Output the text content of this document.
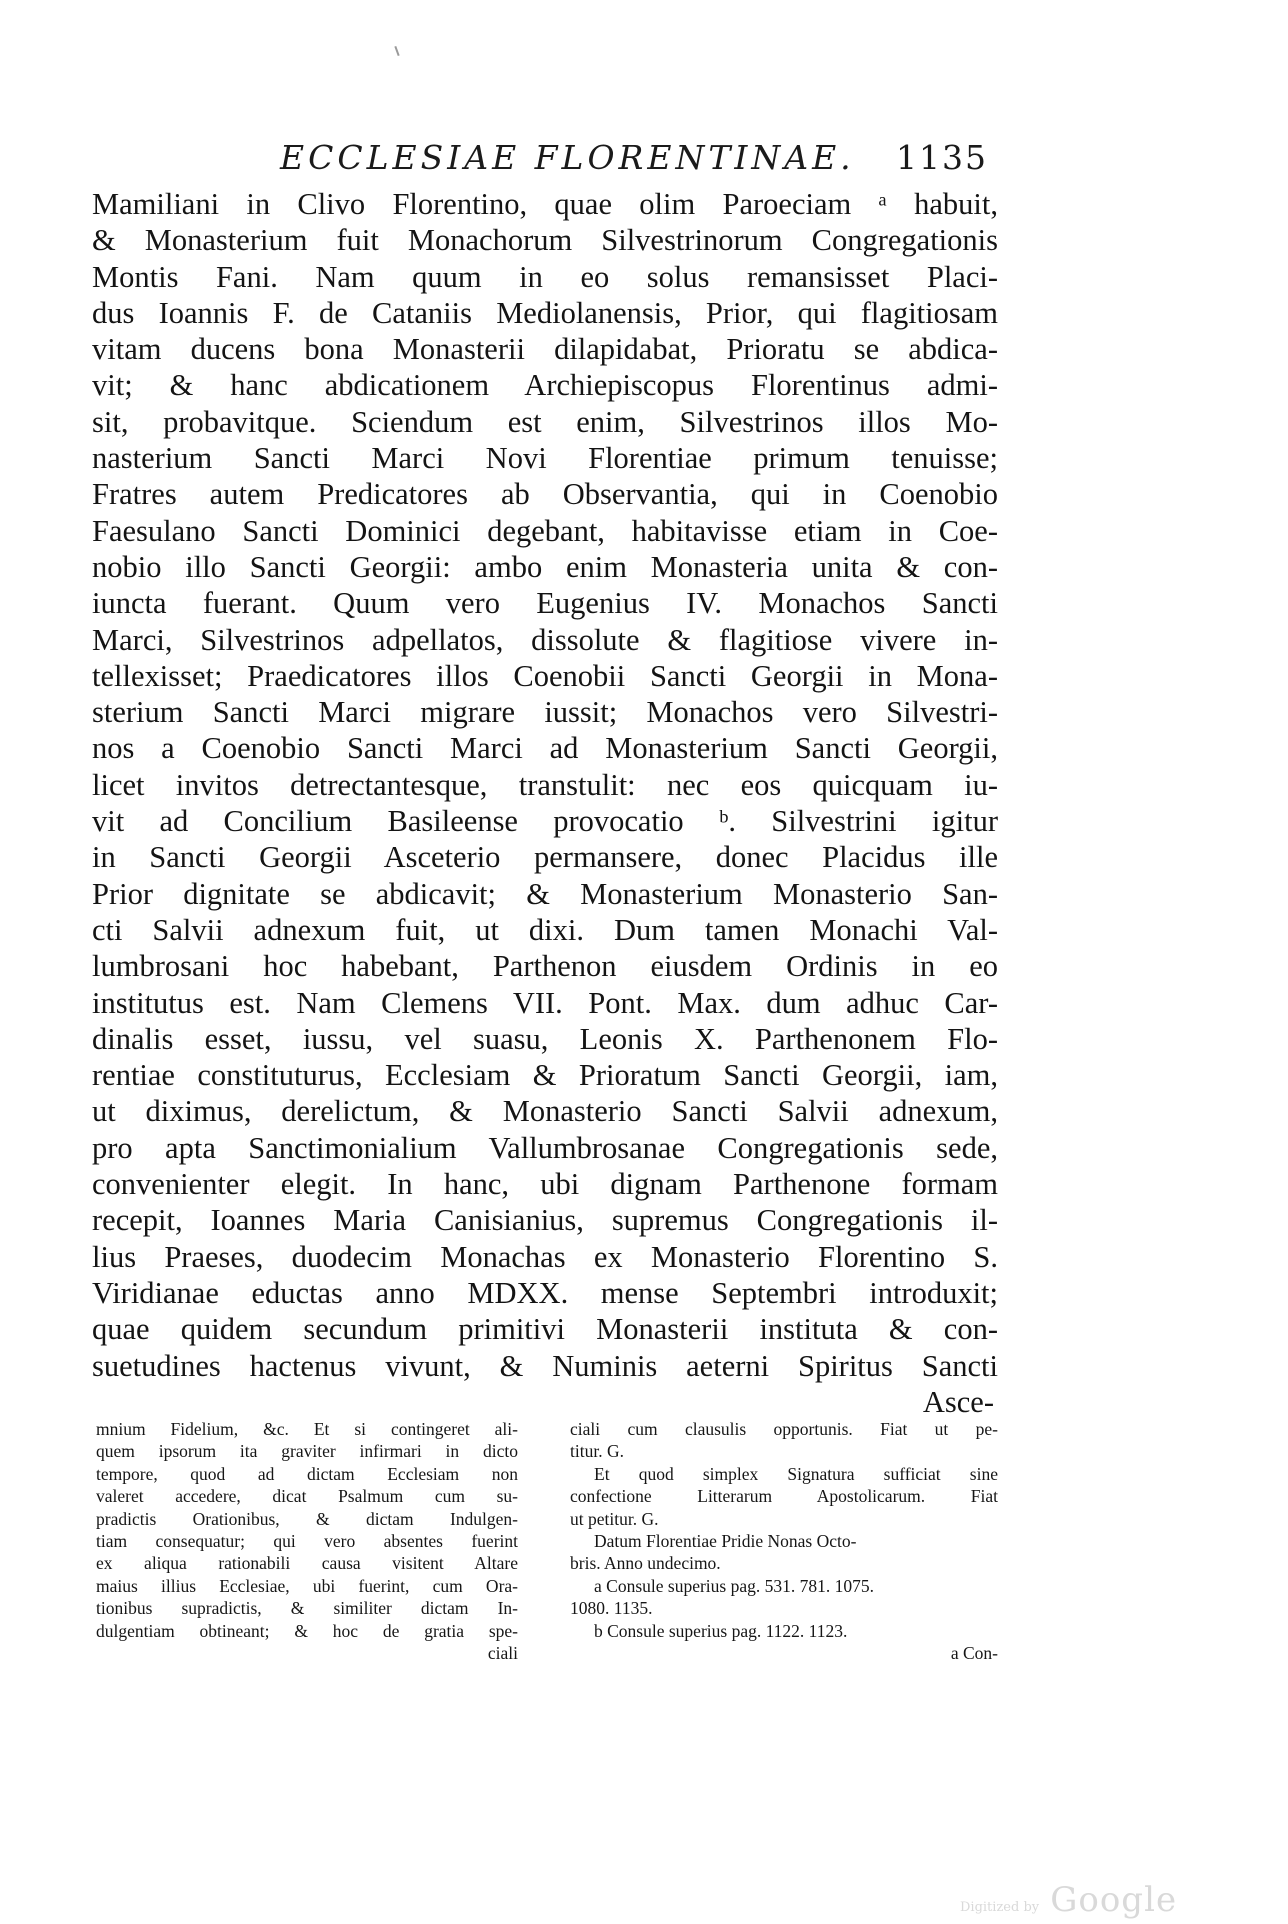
ECCLESIAE FLORENTINAE. 1135
Mamiliani in Clivo Florentino, quae olim Paroeciam ᵃ habuit,
& Monasterium fuit Monachorum Silvestrinorum Congregationis
Montis Fani. Nam quum in eo solus remansisset Placi-
dus Ioannis F. de Cataniis Mediolanensis, Prior, qui flagitiosam
vitam ducens bona Monasterii dilapidabat, Prioratu se abdica-
vit; & hanc abdicationem Archiepiscopus Florentinus admi-
sit, probavitque. Sciendum est enim, Silvestrinos illos Mo-
nasterium Sancti Marci Novi Florentiae primum tenuisse;
Fratres autem Predicatores ab Observantia, qui in Coenobio
Faesulano Sancti Dominici degebant, habitavisse etiam in Coe-
nobio illo Sancti Georgii: ambo enim Monasteria unita & con-
iuncta fuerant. Quum vero Eugenius IV. Monachos Sancti
Marci, Silvestrinos adpellatos, dissolute & flagitiose vivere in-
tellexisset; Praedicatores illos Coenobii Sancti Georgii in Mona-
sterium Sancti Marci migrare iussit; Monachos vero Silvestri-
nos a Coenobio Sancti Marci ad Monasterium Sancti Georgii,
licet invitos detrectantesque, transtulit: nec eos quicquam iu-
vit ad Concilium Basileense provocatio ᵇ. Silvestrini igitur
in Sancti Georgii Asceterio permansere, donec Placidus ille
Prior dignitate se abdicavit; & Monasterium Monasterio San-
cti Salvii adnexum fuit, ut dixi. Dum tamen Monachi Val-
lumbrosani hoc habebant, Parthenon eiusdem Ordinis in eo
institutus est. Nam Clemens VII. Pont. Max. dum adhuc Car-
dinalis esset, iussu, vel suasu, Leonis X. Parthenonem Flo-
rentiae constituturus, Ecclesiam & Prioratum Sancti Georgii, iam,
ut diximus, derelictum, & Monasterio Sancti Salvii adnexum,
pro apta Sanctimonialium Vallumbrosanae Congregationis sede,
convenienter elegit. In hanc, ubi dignam Parthenone formam
recepit, Ioannes Maria Canisianius, supremus Congregationis il-
lius Praeses, duodecim Monachas ex Monasterio Florentino S.
Viridianae eductas anno MDXX. mense Septembri introduxit;
quae quidem secundum primitivi Monasterii instituta & con-
suetudines hactenus vivunt, & Numinis aeterni Spiritus Sancti
Asce-
mnium Fidelium, &c. Et si contingeret ali-
quem ipsorum ita graviter infirmari in dicto
tempore, quod ad dictam Ecclesiam non
valeret accedere, dicat Psalmum cum su-
pradictis Orationibus, & dictam Indulgen-
tiam consequatur; qui vero absentes fuerint
ex aliqua rationabili causa visitent Altare
maius illius Ecclesiae, ubi fuerint, cum Ora-
tionibus supradictis, & similiter dictam In-
dulgentiam obtineant; & hoc de gratia spe-
ciali
ciali cum clausulis opportunis. Fiat ut pe-
titur. G.
Et quod simplex Signatura sufficiat sine
confectione Litterarum Apostolicarum. Fiat
ut petitur. G.
Datum Florentiae Pridie Nonas Octo-
bris. Anno undecimo.
a Consule superius pag. 531. 781. 1075.
1080. 1135.
b Consule superius pag. 1122. 1123.
a Con-
Digitized by Google
